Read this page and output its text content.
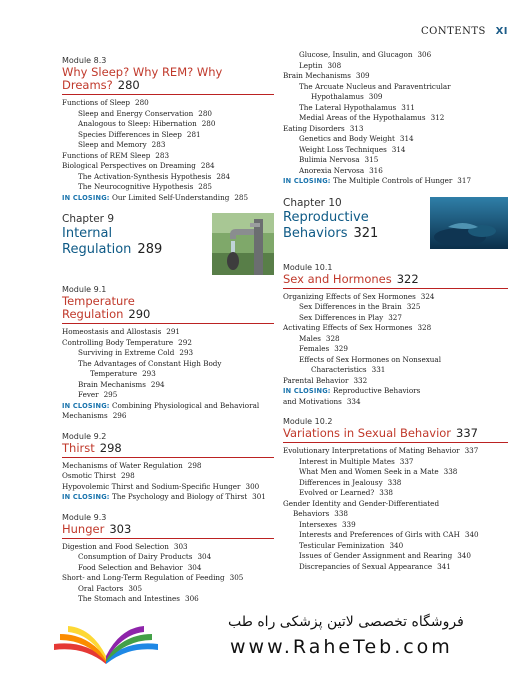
CONTENTS XI
Module 8.3
Why Sleep? Why REM? Why
Dreams? 280
Functions of Sleep 280
Sleep and Energy Conservation 280
Analogous to Sleep: Hibernation 280
Species Differences in Sleep 281
Sleep and Memory 283
Functions of REM Sleep 283
Biological Perspectives on Dreaming 284
The Activation-Synthesis Hypothesis 284
The Neurocognitive Hypothesis 285
IN CLOSING: Our Limited Self-Understanding 285
Chapter 9
Internal
Regulation 289
Module 9.1
Temperature
Regulation 290
Homeostasis and Allostasis 291
Controlling Body Temperature 292
Surviving in Extreme Cold 293
The Advantages of Constant High Body
Temperature 293
Brain Mechanisms 294
Fever 295
IN CLOSING: Combining Physiological and Behavioral
Mechanisms 296
Module 9.2
Thirst 298
Mechanisms of Water Regulation 298
Osmotic Thirst 298
Hypovolemic Thirst and Sodium-Specific Hunger 300
IN CLOSING: The Psychology and Biology of Thirst 301
Module 9.3
Hunger 303
Digestion and Food Selection 303
Consumption of Dairy Products 304
Food Selection and Behavior 304
Short- and Long-Term Regulation of Feeding 305
Oral Factors 305
The Stomach and Intestines 306
Glucose, Insulin, and Glucagon 306
Leptin 308
Brain Mechanisms 309
The Arcuate Nucleus and Paraventricular
Hypothalamus 309
The Lateral Hypothalamus 311
Medial Areas of the Hypothalamus 312
Eating Disorders 313
Genetics and Body Weight 314
Weight Loss Techniques 314
Bulimia Nervosa 315
Anorexia Nervosa 316
IN CLOSING: The Multiple Controls of Hunger 317
Chapter 10
Reproductive
Behaviors 321
Module 10.1
Sex and Hormones 322
Organizing Effects of Sex Hormones 324
Sex Differences in the Brain 325
Sex Differences in Play 327
Activating Effects of Sex Hormones 328
Males 328
Females 329
Effects of Sex Hormones on Nonsexual
Characteristics 331
Parental Behavior 332
IN CLOSING: Reproductive Behaviors
and Motivations 334
Module 10.2
Variations in Sexual Behavior 337
Evolutionary Interpretations of Mating Behavior 337
Interest in Multiple Mates 337
What Men and Women Seek in a Mate 338
Differences in Jealousy 338
Evolved or Learned? 338
Gender Identity and Gender-Differentiated
Behaviors 338
Intersexes 339
Interests and Preferences of Girls with CAH 340
Testicular Feminization 340
Issues of Gender Assignment and Rearing 340
Discrepancies of Sexual Appearance 341
فروشگاه تخصصی لاتین پزشکی راه طب
www.RaheTeb.com
